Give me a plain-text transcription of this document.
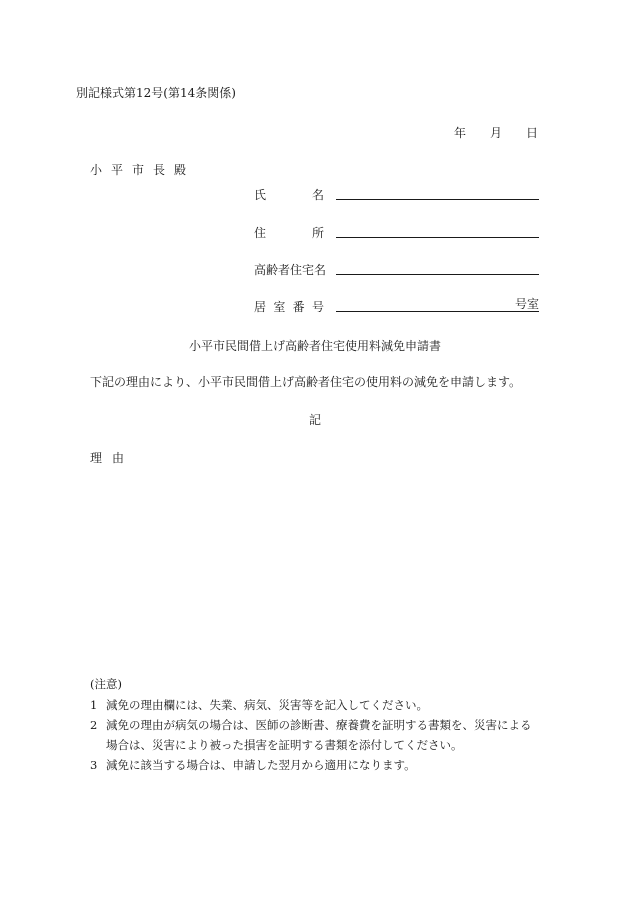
別記様式第12号(第14条関係)
年 月 日
小平市長殿
氏	名
住	所
高齢者住宅名
居 室 番 号	号室
小平市民間借上げ高齢者住宅使用料減免申請書
下記の理由により、小平市民間借上げ高齢者住宅の使用料の減免を申請します。
記
理由
(注意)
1 減免の理由欄には、失業、病気、災害等を記入してください。
2 減免の理由が病気の場合は、医師の診断書、療養費を証明する書類を、災害による
場合は、災害により被った損害を証明する書類を添付してください。
3 減免に該当する場合は、申請した翌月から適用になります。
